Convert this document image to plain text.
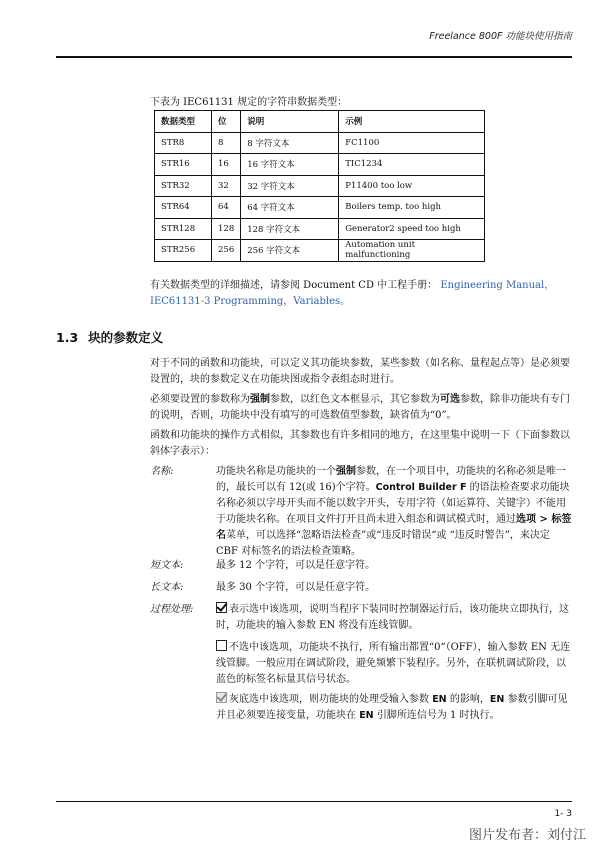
Freelance 800F 功能块使用指南
下表为 IEC61131 规定的字符串数据类型：
数据类型	位	说明	示例
STR8	8	8 字符文本	FC1100
STR16	16	16 字符文本	TIC1234
STR32	32	32 字符文本	P11400 too low
STR64	64	64 字符文本	Boilers temp. too high
STR128	128	128 字符文本	Generator2 speed too high
STR256	256	256 字符文本	Automation unit malfunctioning
有关数据类型的详细描述，请参阅 Document CD 中工程手册： Engineering Manual，
IEC61131-3 Programming，Variables。
1.3 块的参数定义
对于不同的函数和功能块，可以定义其功能块参数，某些参数（如名称、量程起点等）是必须要设置的，块的参数定义在功能块图或指令表组态时进行。
必须要设置的参数称为强制参数，以红色文本框显示，其它参数为可选参数，除非功能块有专门的说明，否则，功能块中没有填写的可选数值型参数，缺省值为“0”。
函数和功能块的操作方式相似，其参数也有许多相同的地方，在这里集中说明一下（下面参数以斜体字表示）：
名称:	功能块名称是功能块的一个强制参数，在一个项目中，功能块的名称必须是唯一的，最长可以有 12(或 16)个字符。Control Builder F 的语法检查要求功能块名称必须以字母开头而不能以数字开头，专用字符（如运算符、关键字）不能用于功能块名称。在项目文件打开且尚未进入组态和调试模式时，通过选项 > 标签名菜单，可以选择“忽略语法检查”或“违反时错误“或 “违反时警告”，来决定 CBF 对标签名的语法检查策略。
短文本:	最多 12 个字符，可以是任意字符。
长文本:	最多 30 个字符，可以是任意字符。
过程处理:	表示选中该选项，说明当程序下装同时控制器运行后，该功能块立即执行，这时，功能块的输入参数 EN 将没有连线管脚。
不选中该选项，功能块不执行，所有输出都置“0“（OFF），输入参数 EN 无连线管脚。一般应用在调试阶段，避免频繁下装程序。另外，在联机调试阶段，以蓝色的标签名标量其信号状态。
灰底选中该选项，则功能块的处理受输入参数 EN 的影响，EN 参数引脚可见并且必须要连接变量，功能块在 EN 引脚所连信号为 1 时执行。
1- 3
图片发布者：刘付江
